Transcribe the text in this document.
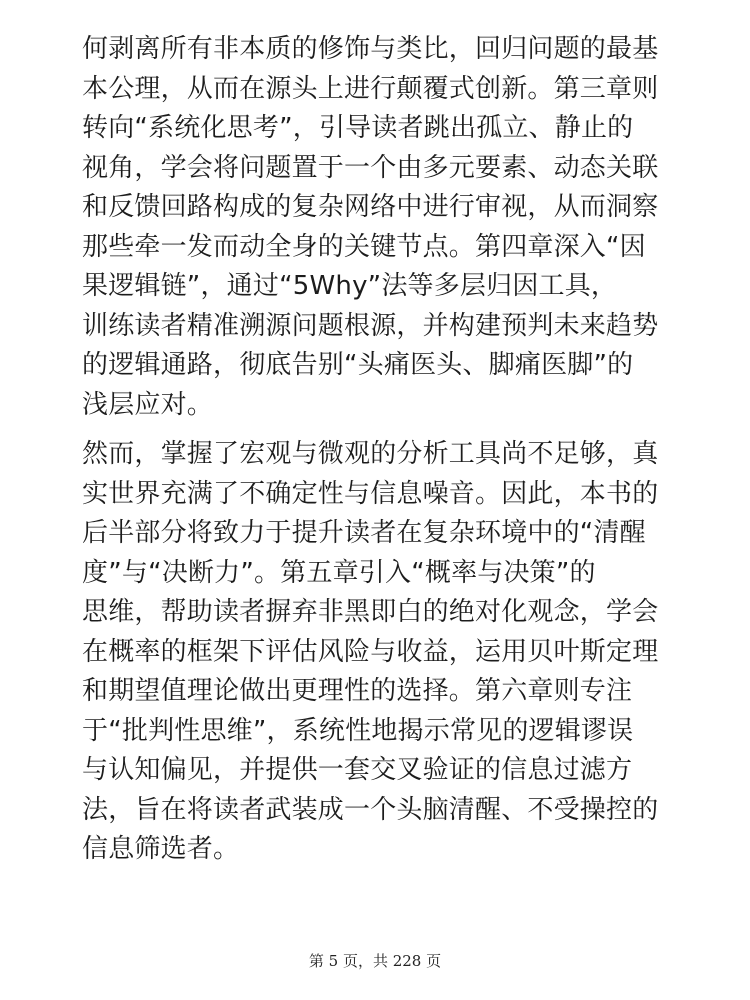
何剥离所有非本质的修饰与类比，回归问题的最基
本公理，从而在源头上进行颠覆式创新。第三章则
转向“系统化思考”，引导读者跳出孤立、静止的
视角，学会将问题置于一个由多元要素、动态关联
和反馈回路构成的复杂网络中进行审视，从而洞察
那些牵一发而动全身的关键节点。第四章深入“因
果逻辑链”，通过“5Why”法等多层归因工具，
训练读者精准溯源问题根源，并构建预判未来趋势
的逻辑通路，彻底告别“头痛医头、脚痛医脚”的
浅层应对。
然而，掌握了宏观与微观的分析工具尚不足够，真
实世界充满了不确定性与信息噪音。因此，本书的
后半部分将致力于提升读者在复杂环境中的“清醒
度”与“决断力”。第五章引入“概率与决策”的
思维，帮助读者摒弃非黑即白的绝对化观念，学会
在概率的框架下评估风险与收益，运用贝叶斯定理
和期望值理论做出更理性的选择。第六章则专注
于“批判性思维”，系统性地揭示常见的逻辑谬误
与认知偏见，并提供一套交叉验证的信息过滤方
法，旨在将读者武装成一个头脑清醒、不受操控的
信息筛选者。
第 5 页，共 228 页
